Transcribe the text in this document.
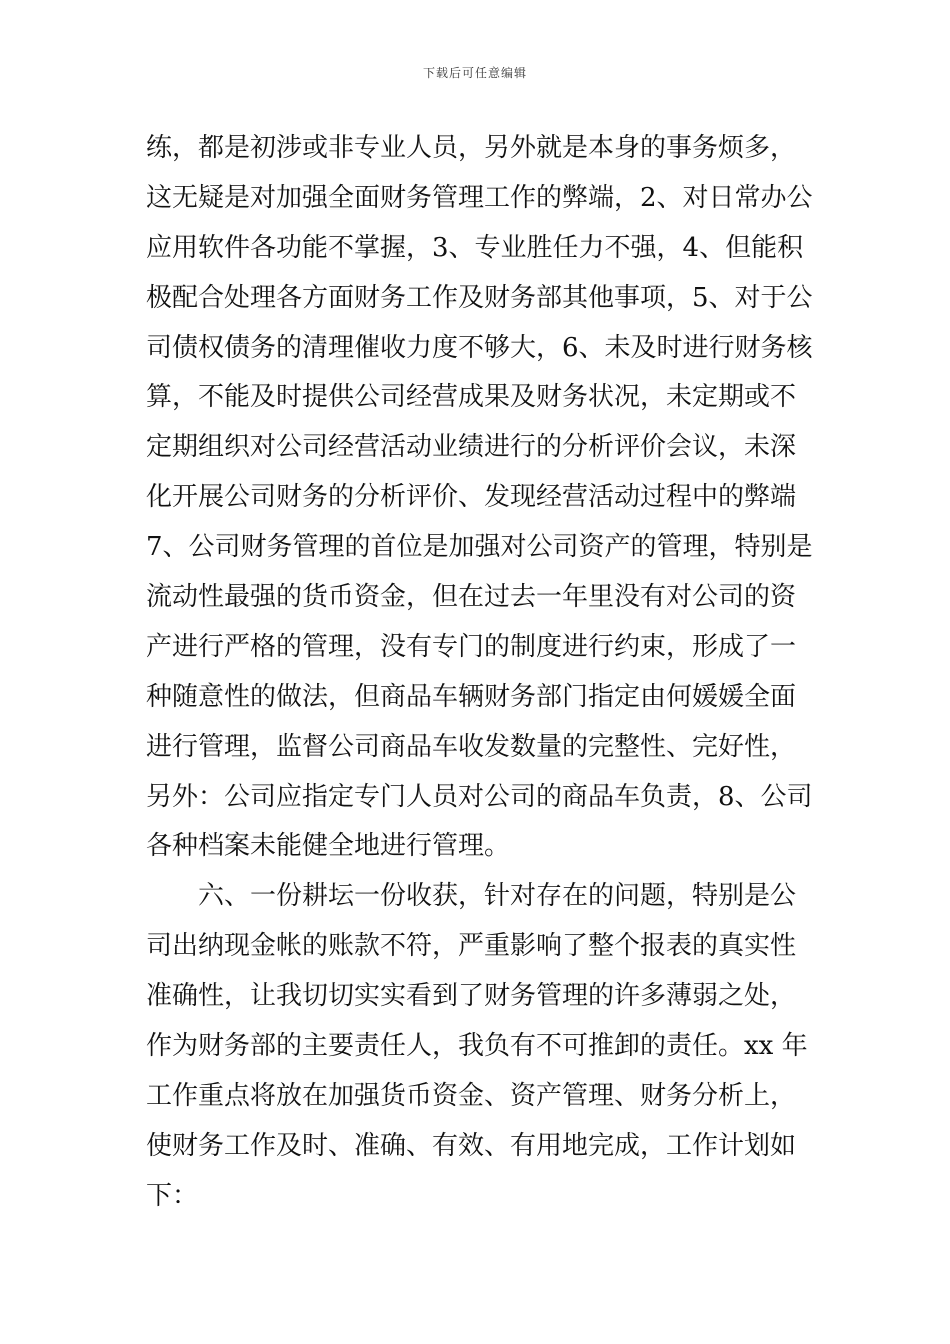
下载后可任意编辑
练，都是初涉或非专业人员，另外就是本身的事务烦多，
这无疑是对加强全面财务管理工作的弊端，2、对日常办公
应用软件各功能不掌握，3、专业胜任力不强，4、但能积
极配合处理各方面财务工作及财务部其他事项，5、对于公
司债权债务的清理催收力度不够大，6、未及时进行财务核
算，不能及时提供公司经营成果及财务状况，未定期或不
定期组织对公司经营活动业绩进行的分析评价会议，未深
化开展公司财务的分析评价、发现经营活动过程中的弊端
7、公司财务管理的首位是加强对公司资产的管理，特别是
流动性最强的货币资金，但在过去一年里没有对公司的资
产进行严格的管理，没有专门的制度进行约束，形成了一
种随意性的做法，但商品车辆财务部门指定由何媛媛全面
进行管理，监督公司商品车收发数量的完整性、完好性，
另外：公司应指定专门人员对公司的商品车负责，8、公司
各种档案未能健全地进行管理。
六、一份耕坛一份收获，针对存在的问题，特别是公
司出纳现金帐的账款不符，严重影响了整个报表的真实性
准确性，让我切切实实看到了财务管理的许多薄弱之处，
作为财务部的主要责任人，我负有不可推卸的责任。xx 年
工作重点将放在加强货币资金、资产管理、财务分析上，
使财务工作及时、准确、有效、有用地完成，工作计划如
下：
